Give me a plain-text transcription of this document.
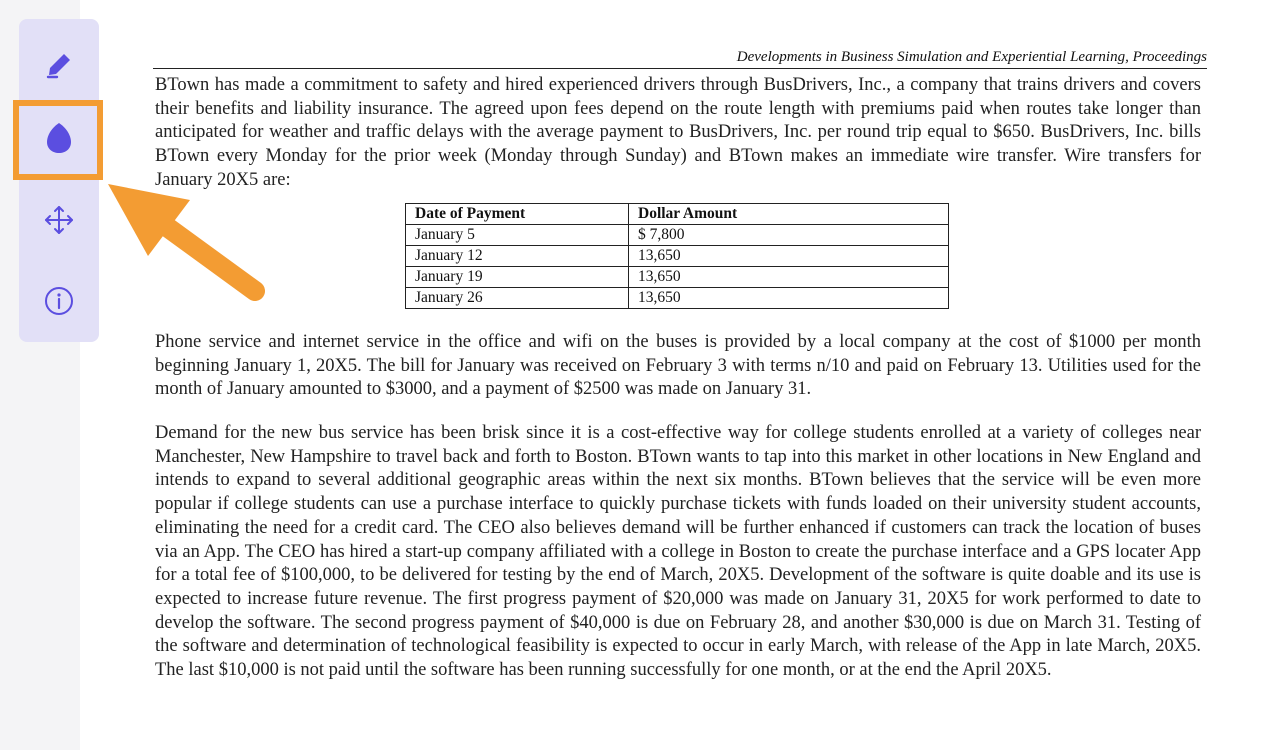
Developments in Business Simulation and Experiential Learning, Proceedings

BTown has made a commitment to safety and hired experienced drivers through BusDrivers, Inc., a company that trains drivers and covers their benefits and liability insurance. The agreed upon fees depend on the route length with premiums paid when routes take longer than anticipated for weather and traffic delays with the average payment to BusDrivers, Inc. per round trip equal to $650. BusDrivers, Inc. bills BTown every Monday for the prior week (Monday through Sunday) and BTown makes an immediate wire transfer. Wire transfers for January 20X5 are:

Date of Payment	Dollar Amount
January 5	$ 7,800
January 12	13,650
January 19	13,650
January 26	13,650

Phone service and internet service in the office and wifi on the buses is provided by a local company at the cost of $1000 per month beginning January 1, 20X5. The bill for January was received on February 3 with terms n/10 and paid on February 13. Utilities used for the month of January amounted to $3000, and a payment of $2500 was made on January 31.

Demand for the new bus service has been brisk since it is a cost-effective way for college students enrolled at a variety of colleges near Manchester, New Hampshire to travel back and forth to Boston. BTown wants to tap into this market in other locations in New England and intends to expand to several additional geographic areas within the next six months. BTown believes that the service will be even more popular if college students can use a purchase interface to quickly purchase tickets with funds loaded on their university student accounts, eliminating the need for a credit card. The CEO also believes demand will be further enhanced if customers can track the location of buses via an App. The CEO has hired a start-up company affiliated with a college in Boston to create the purchase interface and a GPS locater App for a total fee of $100,000, to be delivered for testing by the end of March, 20X5. Development of the software is quite doable and its use is expected to increase future revenue. The first progress payment of $20,000 was made on January 31, 20X5 for work performed to date to develop the software. The second progress payment of $40,000 is due on February 28, and another $30,000 is due on March 31. Testing of the software and determination of technological feasibility is expected to occur in early March, with release of the App in late March, 20X5. The last $10,000 is not paid until the software has been running successfully for one month, or at the end the April 20X5.
